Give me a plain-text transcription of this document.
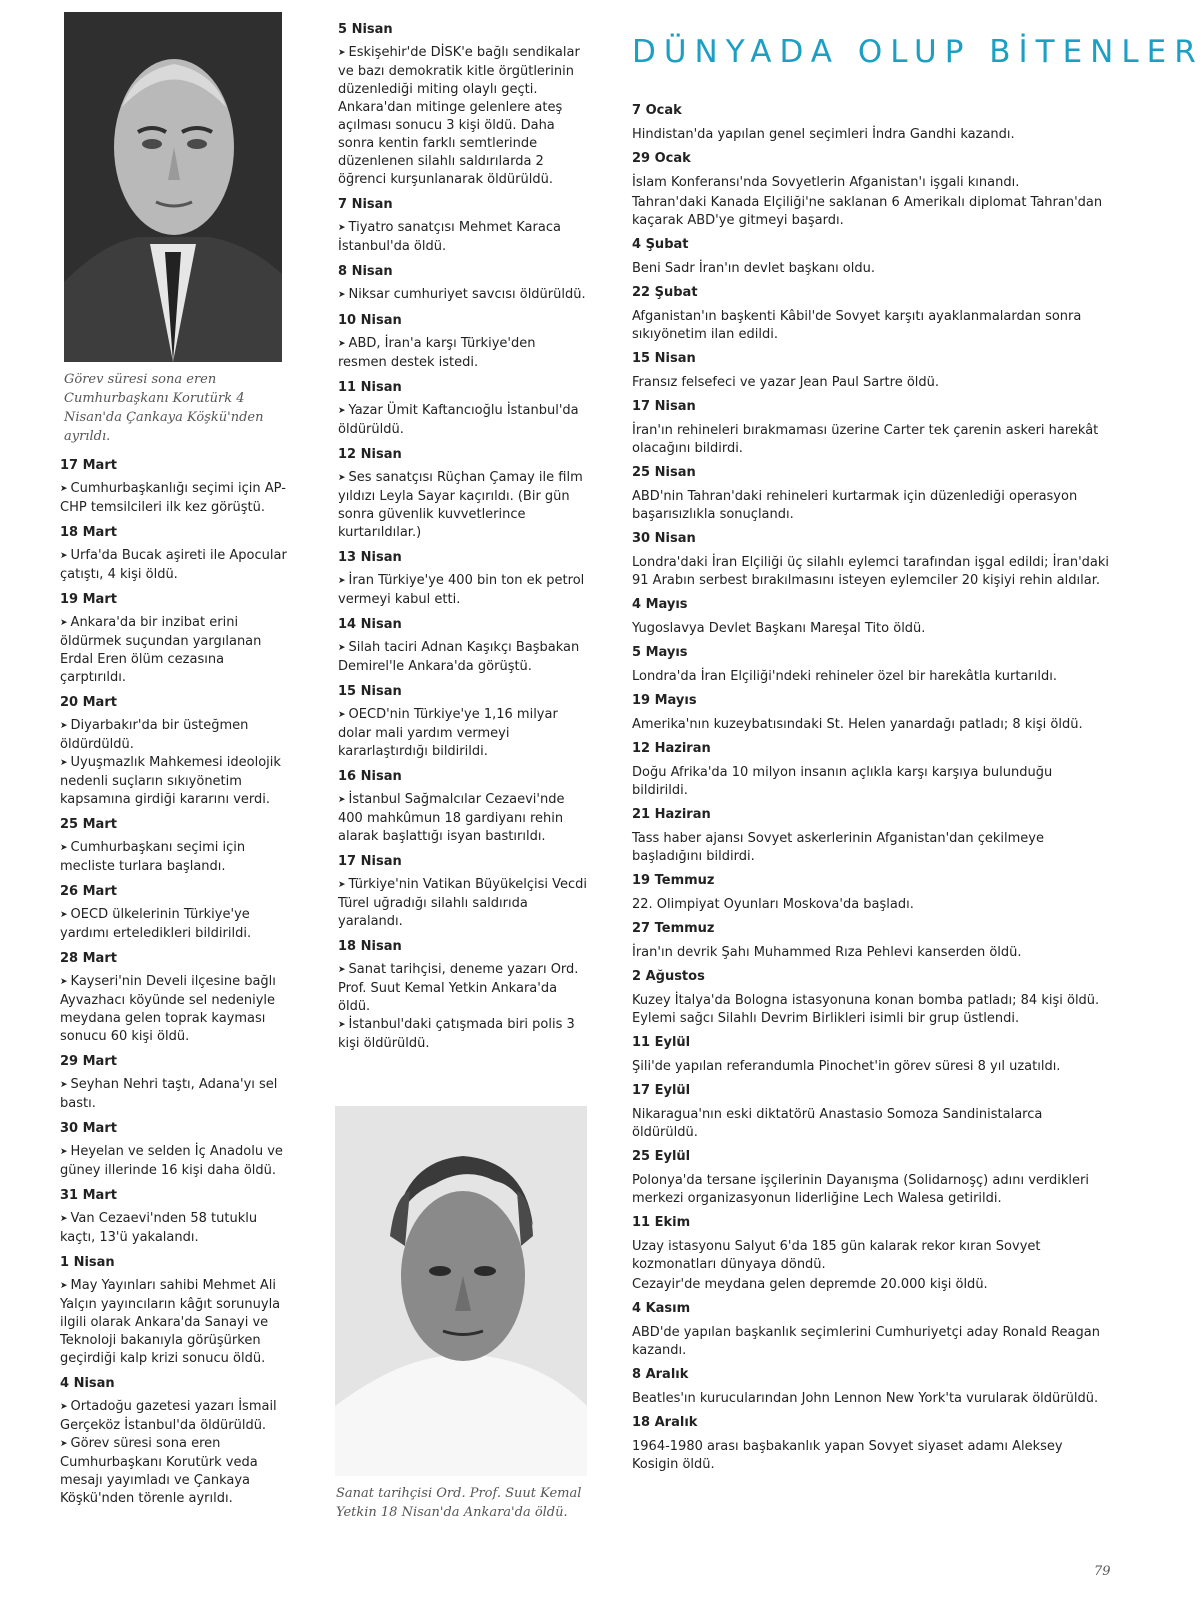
Görev süresi sona eren Cumhurbaşkanı Korutürk 4 Nisan'da Çankaya Köşkü'nden ayrıldı.
17 Mart
➤ Cumhurbaşkanlığı seçimi için AP-CHP temsilcileri ilk kez görüştü.
18 Mart
➤ Urfa'da Bucak aşireti ile Apocular çatıştı, 4 kişi öldü.
19 Mart
➤ Ankara'da bir inzibat erini öldürmek suçundan yargılanan Erdal Eren ölüm cezasına çarptırıldı.
20 Mart
➤ Diyarbakır'da bir üsteğmen öldürdüldü.
➤ Uyuşmazlık Mahkemesi ideolojik nedenli suçların sıkıyönetim kapsamına girdiği kararını verdi.
25 Mart
➤ Cumhurbaşkanı seçimi için mecliste turlara başlandı.
26 Mart
➤ OECD ülkelerinin Türkiye'ye yardımı erteledikleri bildirildi.
28 Mart
➤ Kayseri'nin Develi ilçesine bağlı Ayvazhacı köyünde sel nedeniyle meydana gelen toprak kayması sonucu 60 kişi öldü.
29 Mart
➤ Seyhan Nehri taştı, Adana'yı sel bastı.
30 Mart
➤ Heyelan ve selden İç Anadolu ve güney illerinde 16 kişi daha öldü.
31 Mart
➤ Van Cezaevi'nden 58 tutuklu kaçtı, 13'ü yakalandı.
1 Nisan
➤ May Yayınları sahibi Mehmet Ali Yalçın yayıncıların kâğıt sorunuyla ilgili olarak Ankara'da Sanayi ve Teknoloji bakanıyla görüşürken geçirdiği kalp krizi sonucu öldü.
4 Nisan
➤ Ortadoğu gazetesi yazarı İsmail Gerçeköz İstanbul'da öldürüldü.
➤ Görev süresi sona eren Cumhurbaşkanı Korutürk veda mesajı yayımladı ve Çankaya Köşkü'nden törenle ayrıldı.
5 Nisan
➤ Eskişehir'de DİSK'e bağlı sendikalar ve bazı demokratik kitle örgütlerinin düzenlediği miting olaylı geçti. Ankara'dan mitinge gelenlere ateş açılması sonucu 3 kişi öldü. Daha sonra kentin farklı semtlerinde düzenlenen silahlı saldırılarda 2 öğrenci kurşunlanarak öldürüldü.
7 Nisan
➤ Tiyatro sanatçısı Mehmet Karaca İstanbul'da öldü.
8 Nisan
➤ Niksar cumhuriyet savcısı öldürüldü.
10 Nisan
➤ ABD, İran'a karşı Türkiye'den resmen destek istedi.
11 Nisan
➤ Yazar Ümit Kaftancıoğlu İstanbul'da öldürüldü.
12 Nisan
➤ Ses sanatçısı Rüçhan Çamay ile film yıldızı Leyla Sayar kaçırıldı. (Bir gün sonra güvenlik kuvvetlerince kurtarıldılar.)
13 Nisan
➤ İran Türkiye'ye 400 bin ton ek petrol vermeyi kabul etti.
14 Nisan
➤ Silah taciri Adnan Kaşıkçı Başbakan Demirel'le Ankara'da görüştü.
15 Nisan
➤ OECD'nin Türkiye'ye 1,16 milyar dolar mali yardım vermeyi kararlaştırdığı bildirildi.
16 Nisan
➤ İstanbul Sağmalcılar Cezaevi'nde 400 mahkûmun 18 gardiyanı rehin alarak başlattığı isyan bastırıldı.
17 Nisan
➤ Türkiye'nin Vatikan Büyükelçisi Vecdi Türel uğradığı silahlı saldırıda yaralandı.
18 Nisan
➤ Sanat tarihçisi, deneme yazarı Ord. Prof. Suut Kemal Yetkin Ankara'da öldü.
➤ İstanbul'daki çatışmada biri polis 3 kişi öldürüldü.
Sanat tarihçisi Ord. Prof. Suut Kemal Yetkin 18 Nisan'da Ankara'da öldü.
DÜNYADA OLUP BİTENLER
7 Ocak
Hindistan'da yapılan genel seçimleri İndra Gandhi kazandı.
29 Ocak
İslam Konferansı'nda Sovyetlerin Afganistan'ı işgali kınandı.
Tahran'daki Kanada Elçiliği'ne saklanan 6 Amerikalı diplomat Tahran'dan kaçarak ABD'ye gitmeyi başardı.
4 Şubat
Beni Sadr İran'ın devlet başkanı oldu.
22 Şubat
Afganistan'ın başkenti Kâbil'de Sovyet karşıtı ayaklanmalardan sonra sıkıyönetim ilan edildi.
15 Nisan
Fransız felsefeci ve yazar Jean Paul Sartre öldü.
17 Nisan
İran'ın rehineleri bırakmaması üzerine Carter tek çarenin askeri harekât olacağını bildirdi.
25 Nisan
ABD'nin Tahran'daki rehineleri kurtarmak için düzenlediği operasyon başarısızlıkla sonuçlandı.
30 Nisan
Londra'daki İran Elçiliği üç silahlı eylemci tarafından işgal edildi; İran'daki 91 Arabın serbest bırakılmasını isteyen eylemciler 20 kişiyi rehin aldılar.
4 Mayıs
Yugoslavya Devlet Başkanı Mareşal Tito öldü.
5 Mayıs
Londra'da İran Elçiliği'ndeki rehineler özel bir harekâtla kurtarıldı.
19 Mayıs
Amerika'nın kuzeybatısındaki St. Helen yanardağı patladı; 8 kişi öldü.
12 Haziran
Doğu Afrika'da 10 milyon insanın açlıkla karşı karşıya bulunduğu bildirildi.
21 Haziran
Tass haber ajansı Sovyet askerlerinin Afganistan'dan çekilmeye başladığını bildirdi.
19 Temmuz
22. Olimpiyat Oyunları Moskova'da başladı.
27 Temmuz
İran'ın devrik Şahı Muhammed Rıza Pehlevi kanserden öldü.
2 Ağustos
Kuzey İtalya'da Bologna istasyonuna konan bomba patladı; 84 kişi öldü. Eylemi sağcı Silahlı Devrim Birlikleri isimli bir grup üstlendi.
11 Eylül
Şili'de yapılan referandumla Pinochet'in görev süresi 8 yıl uzatıldı.
17 Eylül
Nikaragua'nın eski diktatörü Anastasio Somoza Sandinistalarca öldürüldü.
25 Eylül
Polonya'da tersane işçilerinin Dayanışma (Solidarnoşç) adını verdikleri merkezi organizasyonun liderliğine Lech Walesa getirildi.
11 Ekim
Uzay istasyonu Salyut 6'da 185 gün kalarak rekor kıran Sovyet kozmonatları dünyaya döndü.
Cezayir'de meydana gelen depremde 20.000 kişi öldü.
4 Kasım
ABD'de yapılan başkanlık seçimlerini Cumhuriyetçi aday Ronald Reagan kazandı.
8 Aralık
Beatles'ın kurucularından John Lennon New York'ta vurularak öldürüldü.
18 Aralık
1964-1980 arası başbakanlık yapan Sovyet siyaset adamı Aleksey Kosigin öldü.
79
